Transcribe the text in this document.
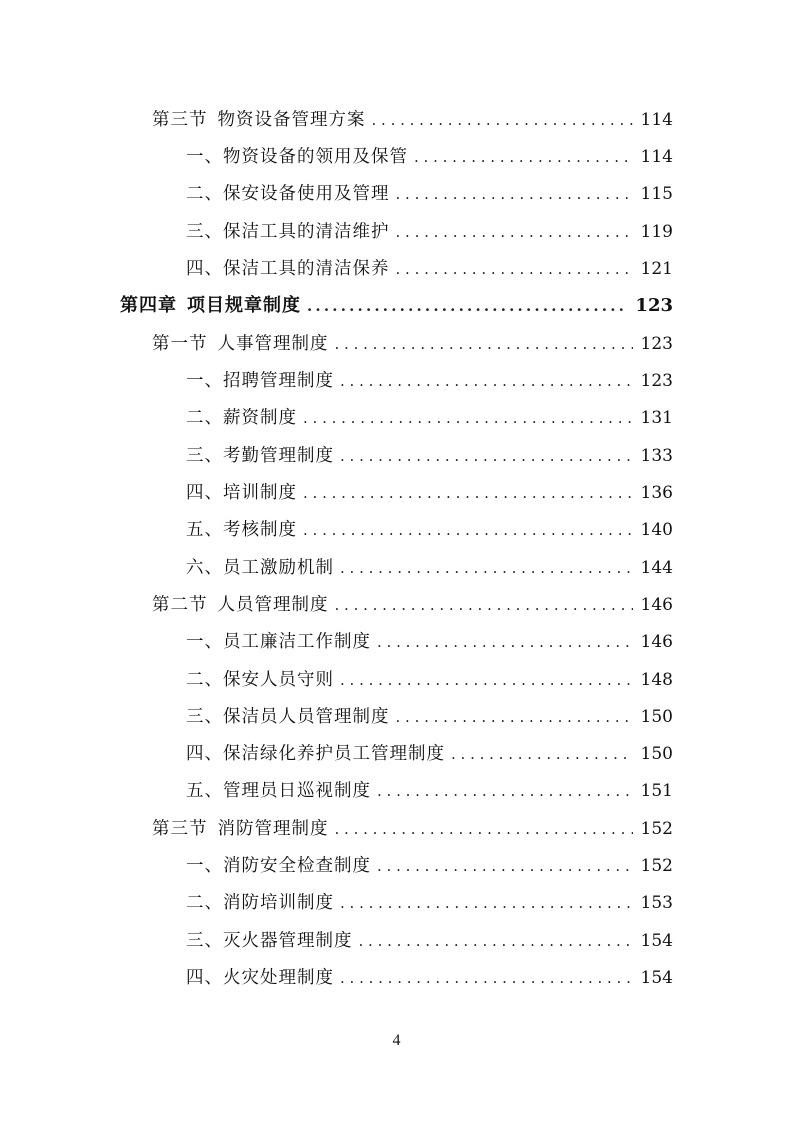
第三节 物资设备管理方案 . . .	114
一、物资设备的领用及保管 . . .	114
二、保安设备使用及管理 . . .	115
三、保洁工具的清洁维护 . . .	119
四、保洁工具的清洁保养 . . .	121
第四章 项目规章制度 .....	123
第一节 人事管理制度 . . .	123
一、招聘管理制度 . . .	123
二、薪资制度 . . .	131
三、考勤管理制度 . . .	133
四、培训制度 . . .	136
五、考核制度 . . .	140
六、员工激励机制 . . .	144
第二节 人员管理制度 . . .	146
一、员工廉洁工作制度 . . .	146
二、保安人员守则 . . .	148
三、保洁员人员管理制度 . . .	150
四、保洁绿化养护员工管理制度 . . .	150
五、管理员日巡视制度 . . .	151
第三节 消防管理制度 . . .	152
一、消防安全检查制度 . . .	152
二、消防培训制度 . . .	153
三、灭火器管理制度 . . .	154
四、火灾处理制度 . . .	154
4
